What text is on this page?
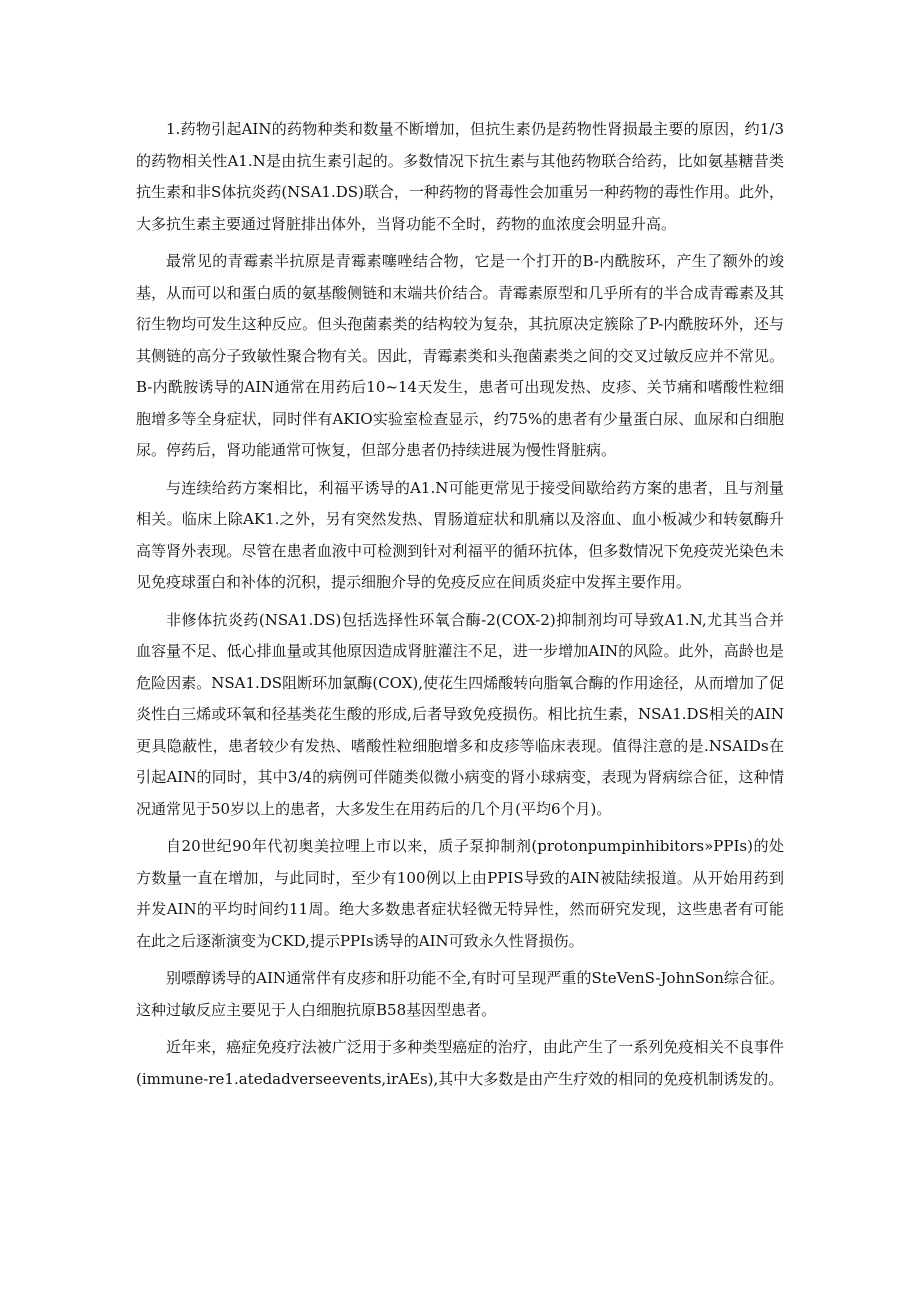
1.药物引起AIN的药物种类和数量不断增加，但抗生素仍是药物性肾损最主要的原因，约1/3的药物相关性A1.N是由抗生素引起的。多数情况下抗生素与其他药物联合给药，比如氨基糖昔类抗生素和非S体抗炎药(NSA1.DS)联合，一种药物的肾毒性会加重另一种药物的毒性作用。此外，大多抗生素主要通过肾脏排出体外，当肾功能不全时，药物的血浓度会明显升高。

最常见的青霉素半抗原是青霉素噻唑结合物，它是一个打开的B-内酰胺环，产生了额外的竣基，从而可以和蛋白质的氨基酸侧链和末端共价结合。青霉素原型和几乎所有的半合成青霉素及其衍生物均可发生这种反应。但头孢菌素类的结构较为复杂，其抗原决定簇除了P-内酰胺环外，还与其侧链的高分子致敏性聚合物有关。因此，青霉素类和头孢菌素类之间的交叉过敏反应并不常见。B-内酰胺诱导的AIN通常在用药后10~14天发生，患者可出现发热、皮疹、关节痛和嗜酸性粒细胞增多等全身症状，同时伴有AKIO实验室检查显示，约75%的患者有少量蛋白尿、血尿和白细胞尿。停药后，肾功能通常可恢复，但部分患者仍持续进展为慢性肾脏病。

与连续给药方案相比，利福平诱导的A1.N可能更常见于接受间歇给药方案的患者，且与剂量相关。临床上除AK1.之外，另有突然发热、胃肠道症状和肌痛以及溶血、血小板减少和转氨酶升高等肾外表现。尽管在患者血液中可检测到针对利福平的循环抗体，但多数情况下免疫荧光染色未见免疫球蛋白和补体的沉积，提示细胞介导的免疫反应在间质炎症中发挥主要作用。

非修体抗炎药(NSA1.DS)包括选择性环氧合酶-2(COX-2)抑制剂均可导致A1.N,尤其当合并血容量不足、低心排血量或其他原因造成肾脏灌注不足，进一步增加AIN的风险。此外，高龄也是危险因素。NSA1.DS阻断环加氯酶(COX),使花生四烯酸转向脂氧合酶的作用途径，从而增加了促炎性白三烯或环氧和径基类花生酸的形成,后者导致免疫损伤。相比抗生素，NSA1.DS相关的AIN更具隐蔽性，患者较少有发热、嗜酸性粒细胞增多和皮疹等临床表现。值得注意的是.NSAIDs在引起AIN的同时，其中3/4的病例可伴随类似微小病变的肾小球病变，表现为肾病综合征，这种情况通常见于50岁以上的患者，大多发生在用药后的几个月(平均6个月)。

自20世纪90年代初奥美拉哩上市以来，质子泵抑制剂(protonpumpinhibitors»PPIs)的处方数量一直在增加，与此同时，至少有100例以上由PPIS导致的AIN被陆续报道。从开始用药到并发AIN的平均时间约11周。绝大多数患者症状轻微无特异性，然而研究发现，这些患者有可能在此之后逐渐演变为CKD,提示PPIs诱导的AIN可致永久性肾损伤。

别嘌醇诱导的AIN通常伴有皮疹和肝功能不全,有时可呈现严重的SteVenS-JohnSon综合征。这种过敏反应主要见于人白细胞抗原B58基因型患者。

近年来，癌症免疫疗法被广泛用于多种类型癌症的治疗，由此产生了一系列免疫相关不良事件(immune-re1.atedadverseevents,irAEs),其中大多数是由产生疗效的相同的免疫机制诱发的。
